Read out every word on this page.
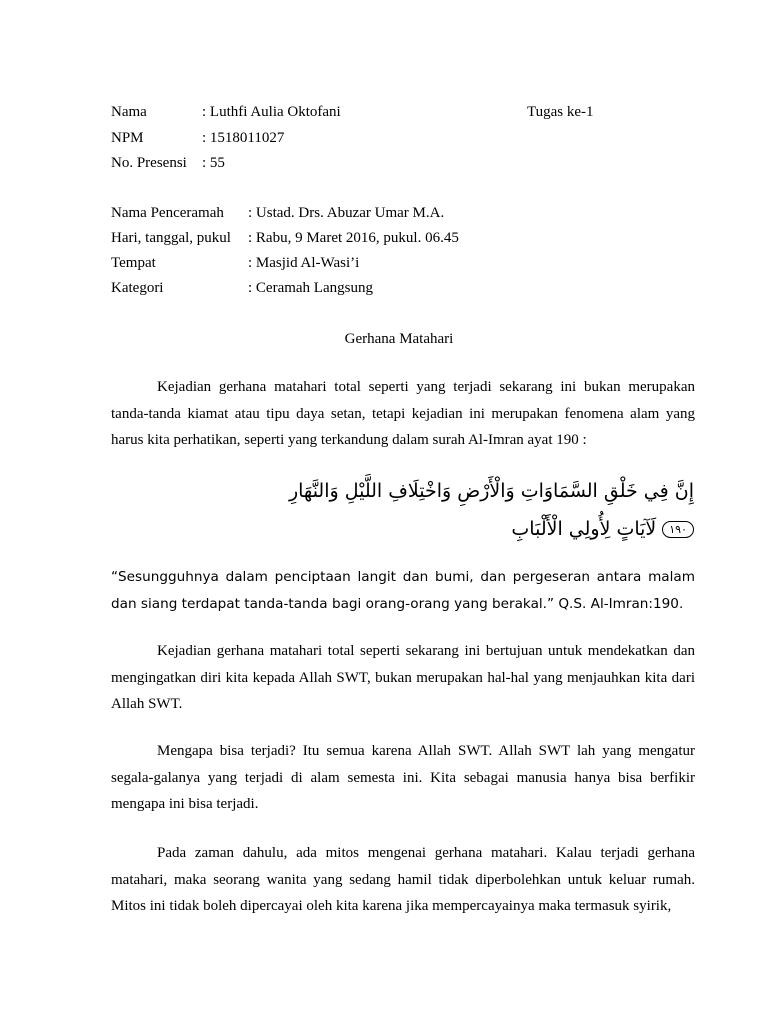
Nama	: Luthfi Aulia Oktofani	Tugas ke-1
NPM	: 1518011027
No. Presensi : 55
Nama Penceramah : Ustad. Drs. Abuzar Umar M.A.
Hari, tanggal, pukul : Rabu, 9 Maret 2016, pukul. 06.45
Tempat	: Masjid Al-Wasi’i
Kategori	: Ceramah Langsung
Gerhana Matahari

Kejadian gerhana matahari total seperti yang terjadi sekarang ini bukan merupakan tanda-tanda kiamat atau tipu daya setan, tetapi kejadian ini merupakan fenomena alam yang harus kita perhatikan, seperti yang terkandung dalam surah Al-Imran ayat 190 :

إِنَّ فِي خَلْقِ السَّمَاوَاتِ وَالْأَرْضِ وَاخْتِلَافِ اللَّيْلِ وَالنَّهَارِ
١٩٠لَآيَاتٍ لِأُولِي الْأَلْبَابِ

“Sesungguhnya dalam penciptaan langit dan bumi, dan pergeseran antara malam dan siang terdapat tanda-tanda bagi orang-orang yang berakal.” Q.S. Al-Imran:190.

Kejadian gerhana matahari total seperti sekarang ini bertujuan untuk mendekatkan dan mengingatkan diri kita kepada Allah SWT, bukan merupakan hal-hal yang menjauhkan kita dari Allah SWT.

Mengapa bisa terjadi? Itu semua karena Allah SWT. Allah SWT lah yang mengatur segala-galanya yang terjadi di alam semesta ini. Kita sebagai manusia hanya bisa berfikir mengapa ini bisa terjadi.

Pada zaman dahulu, ada mitos mengenai gerhana matahari. Kalau terjadi gerhana matahari, maka seorang wanita yang sedang hamil tidak diperbolehkan untuk keluar rumah. Mitos ini tidak boleh dipercayai oleh kita karena jika mempercayainya maka termasuk syirik,
